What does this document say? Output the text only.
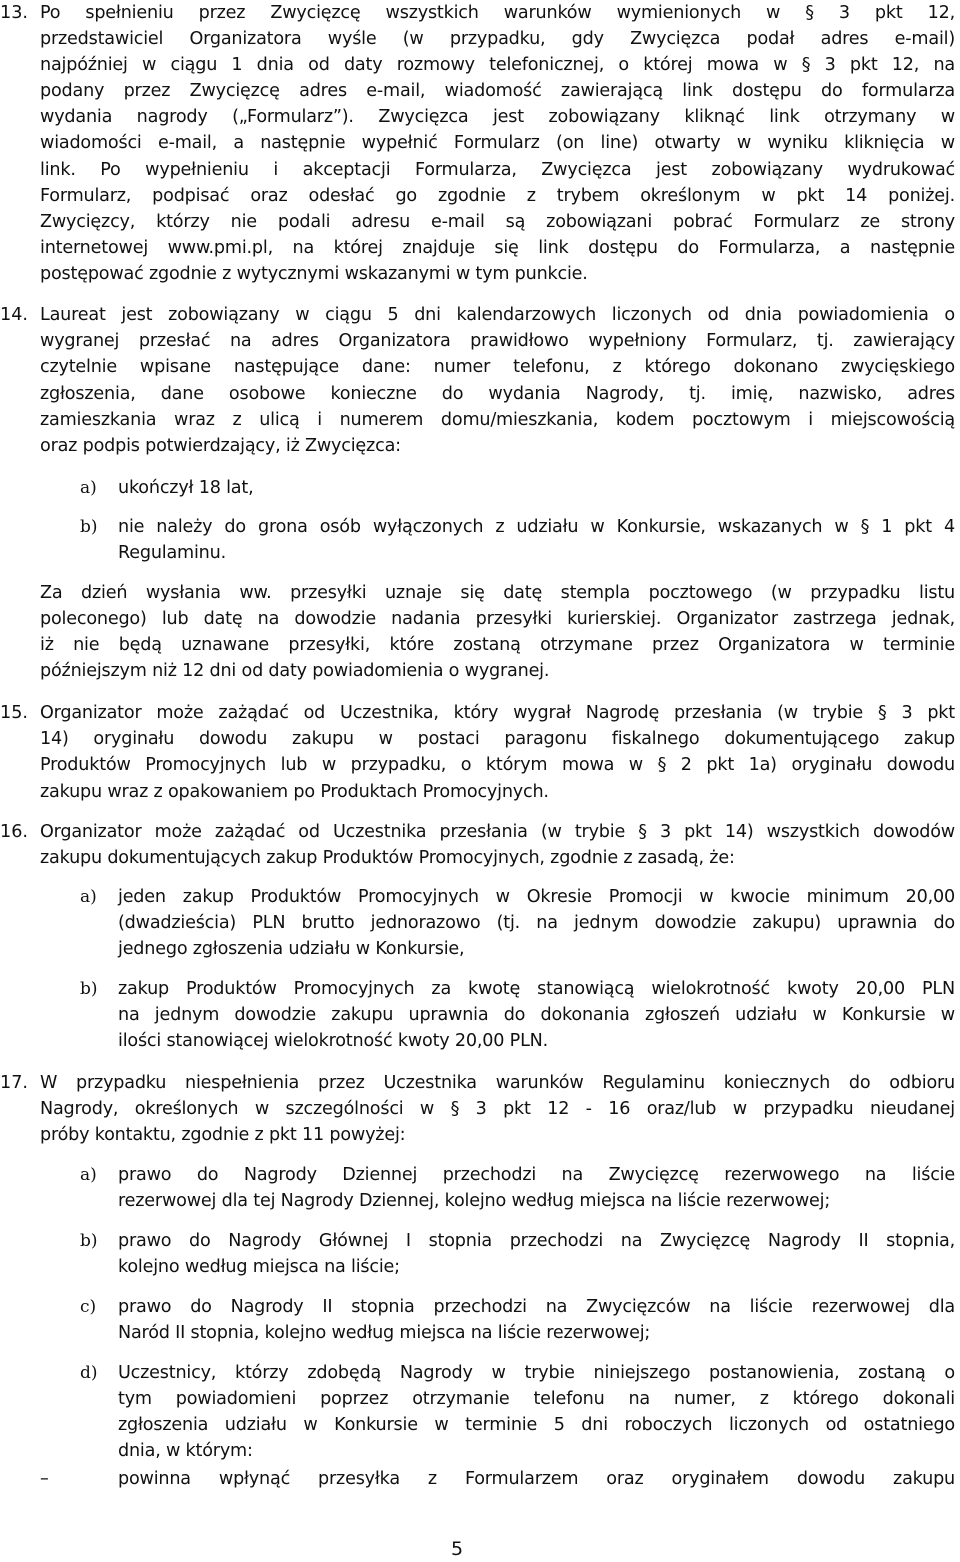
13. Po spełnieniu przez Zwycięzcę wszystkich warunków wymienionych w § 3 pkt 12,
przedstawiciel Organizatora wyśle (w przypadku, gdy Zwycięzca podał adres e-mail)
najpóźniej w ciągu 1 dnia od daty rozmowy telefonicznej, o której mowa w § 3 pkt 12, na
podany przez Zwycięzcę adres e-mail, wiadomość zawierającą link dostępu do formularza
wydania nagrody („Formularz”). Zwycięzca jest zobowiązany kliknąć link otrzymany w
wiadomości e-mail, a następnie wypełnić Formularz (on line) otwarty w wyniku kliknięcia w
link. Po wypełnieniu i akceptacji Formularza, Zwycięzca jest zobowiązany wydrukować
Formularz, podpisać oraz odesłać go zgodnie z trybem określonym w pkt 14 poniżej.
Zwycięzcy, którzy nie podali adresu e-mail są zobowiązani pobrać Formularz ze strony
internetowej www.pmi.pl, na której znajduje się link dostępu do Formularza, a następnie
postępować zgodnie z wytycznymi wskazanymi w tym punkcie.
14. Laureat jest zobowiązany w ciągu 5 dni kalendarzowych liczonych od dnia powiadomienia o
wygranej przesłać na adres Organizatora prawidłowo wypełniony Formularz, tj. zawierający
czytelnie wpisane następujące dane: numer telefonu, z którego dokonano zwycięskiego
zgłoszenia, dane osobowe konieczne do wydania Nagrody, tj. imię, nazwisko, adres
zamieszkania wraz z ulicą i numerem domu/mieszkania, kodem pocztowym i miejscowością
oraz podpis potwierdzający, iż Zwycięzca:
a) ukończył 18 lat,
b) nie należy do grona osób wyłączonych z udziału w Konkursie, wskazanych w § 1 pkt 4
Regulaminu.
Za dzień wysłania ww. przesyłki uznaje się datę stempla pocztowego (w przypadku listu
poleconego) lub datę na dowodzie nadania przesyłki kurierskiej. Organizator zastrzega jednak,
iż nie będą uznawane przesyłki, które zostaną otrzymane przez Organizatora w terminie
późniejszym niż 12 dni od daty powiadomienia o wygranej.
15. Organizator może zażądać od Uczestnika, który wygrał Nagrodę przesłania (w trybie § 3 pkt
14) oryginału dowodu zakupu w postaci paragonu fiskalnego dokumentującego zakup
Produktów Promocyjnych lub w przypadku, o którym mowa w § 2 pkt 1a) oryginału dowodu
zakupu wraz z opakowaniem po Produktach Promocyjnych.
16. Organizator może zażądać od Uczestnika przesłania (w trybie § 3 pkt 14) wszystkich dowodów
zakupu dokumentujących zakup Produktów Promocyjnych, zgodnie z zasadą, że:
a) jeden zakup Produktów Promocyjnych w Okresie Promocji w kwocie minimum 20,00
(dwadzieścia) PLN brutto jednorazowo (tj. na jednym dowodzie zakupu) uprawnia do
jednego zgłoszenia udziału w Konkursie,
b) zakup Produktów Promocyjnych za kwotę stanowiącą wielokrotność kwoty 20,00 PLN
na jednym dowodzie zakupu uprawnia do dokonania zgłoszeń udziału w Konkursie w
ilości stanowiącej wielokrotność kwoty 20,00 PLN.
17. W przypadku niespełnienia przez Uczestnika warunków Regulaminu koniecznych do odbioru
Nagrody, określonych w szczególności w § 3 pkt 12 - 16 oraz/lub w przypadku nieudanej
próby kontaktu, zgodnie z pkt 11 powyżej:
a) prawo do Nagrody Dziennej przechodzi na Zwycięzcę rezerwowego na liście
rezerwowej dla tej Nagrody Dziennej, kolejno według miejsca na liście rezerwowej;
b) prawo do Nagrody Głównej I stopnia przechodzi na Zwycięzcę Nagrody II stopnia,
kolejno według miejsca na liście;
c) prawo do Nagrody II stopnia przechodzi na Zwycięzców na liście rezerwowej dla
Naród II stopnia, kolejno według miejsca na liście rezerwowej;
d) Uczestnicy, którzy zdobędą Nagrody w trybie niniejszego postanowienia, zostaną o
tym powiadomieni poprzez otrzymanie telefonu na numer, z którego dokonali
zgłoszenia udziału w Konkursie w terminie 5 dni roboczych liczonych od ostatniego
dnia, w którym:
–	powinna wpłynąć przesyłka z Formularzem oraz oryginałem dowodu zakupu
5
